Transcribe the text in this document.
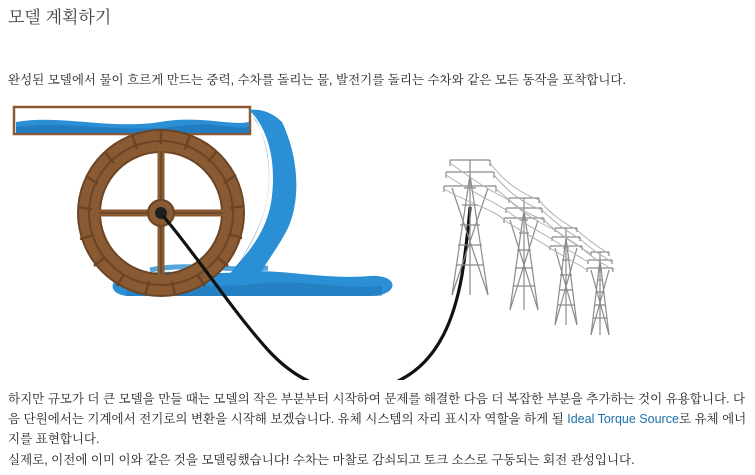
모델 계획하기
완성된 모델에서 물이 흐르게 만드는 중력, 수차를 돌리는 물, 발전기를 돌리는 수차와 같은 모든 동작을 포착합니다.
하지만 규모가 더 큰 모델을 만들 때는 모델의 작은 부분부터 시작하여 문제를 해결한 다음 더 복잡한 부분을 추가하는 것이 유용합니다. 다음 단원에서는 기계에서 전기로의 변환을 시작해 보겠습니다. 유체 시스템의 자리 표시자 역할을 하게 될 Ideal Torque Source로 유체 에너지를 표현합니다.
실제로, 이전에 이미 이와 같은 것을 모델링했습니다! 수차는 마찰로 감쇠되고 토크 소스로 구동되는 회전 관성입니다.
